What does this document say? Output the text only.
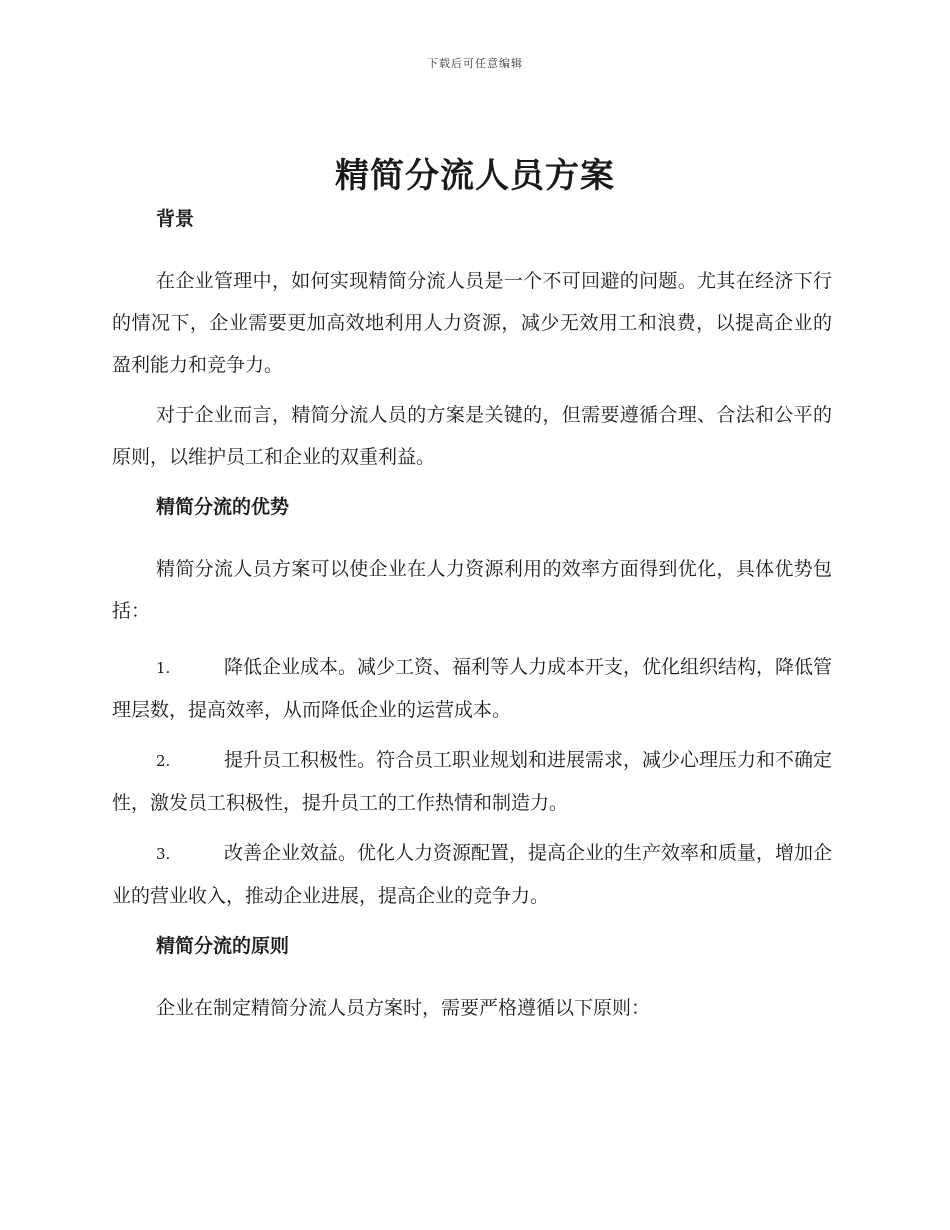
下载后可任意编辑
精简分流人员方案
背景

在企业管理中，如何实现精简分流人员是一个不可回避的问题。尤其在经济下行的情况下，企业需要更加高效地利用人力资源，减少无效用工和浪费，以提高企业的盈利能力和竞争力。

对于企业而言，精简分流人员的方案是关键的，但需要遵循合理、合法和公平的原则，以维护员工和企业的双重利益。

精简分流的优势

精简分流人员方案可以使企业在人力资源利用的效率方面得到优化，具体优势包括：

1.	降低企业成本。减少工资、福利等人力成本开支，优化组织结构，降低管理层数，提高效率，从而降低企业的运营成本。

2.	提升员工积极性。符合员工职业规划和进展需求，减少心理压力和不确定性，激发员工积极性，提升员工的工作热情和制造力。

3.	改善企业效益。优化人力资源配置，提高企业的生产效率和质量，增加企业的营业收入，推动企业进展，提高企业的竞争力。

精简分流的原则

企业在制定精简分流人员方案时，需要严格遵循以下原则：
